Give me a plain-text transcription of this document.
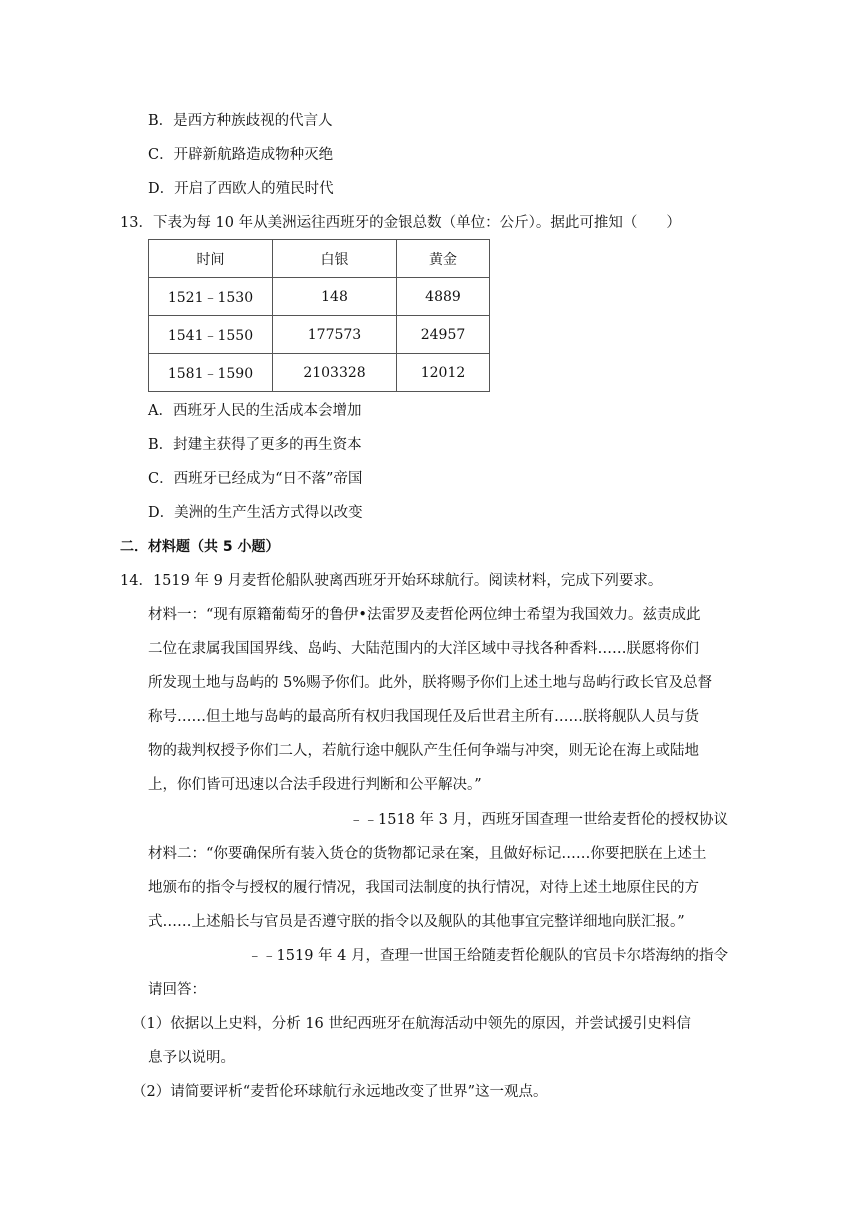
B．是西方种族歧视的代言人
C．开辟新航路造成物种灭绝
D．开启了西欧人的殖民时代
13．下表为每 10 年从美洲运往西班牙的金银总数（单位：公斤）。据此可推知（　　）
时间	白银	黄金
1521﹣1530	148	4889
1541﹣1550	177573	24957
1581﹣1590	2103328	12012
A．西班牙人民的生活成本会增加
B．封建主获得了更多的再生资本
C．西班牙已经成为“日不落”帝国
D．美洲的生产生活方式得以改变
二．材料题（共 5 小题）
14．1519 年 9 月麦哲伦船队驶离西班牙开始环球航行。阅读材料，完成下列要求。
材料一：“现有原籍葡萄牙的鲁伊•法雷罗及麦哲伦两位绅士希望为我国效力。兹责成此
二位在隶属我国国界线、岛屿、大陆范围内的大洋区域中寻找各种香料……朕愿将你们
所发现土地与岛屿的 5%赐予你们。此外，朕将赐予你们上述土地与岛屿行政长官及总督
称号……但土地与岛屿的最高所有权归我国现任及后世君主所有……朕将舰队人员与货
物的裁判权授予你们二人，若航行途中舰队产生任何争端与冲突，则无论在海上或陆地
上，你们皆可迅速以合法手段进行判断和公平解决。”
﹣﹣1518 年 3 月，西班牙国查理一世给麦哲伦的授权协议
材料二：“你要确保所有装入货仓的货物都记录在案，且做好标记……你要把朕在上述土
地颁布的指令与授权的履行情况，我国司法制度的执行情况，对待上述土地原住民的方
式……上述船长与官员是否遵守朕的指令以及舰队的其他事宜完整详细地向朕汇报。”
﹣﹣1519 年 4 月，查理一世国王给随麦哲伦舰队的官员卡尔塔海纳的指令
请回答：
（1）依据以上史料，分析 16 世纪西班牙在航海活动中领先的原因，并尝试援引史料信
息予以说明。
（2）请简要评析“麦哲伦环球航行永远地改变了世界”这一观点。
